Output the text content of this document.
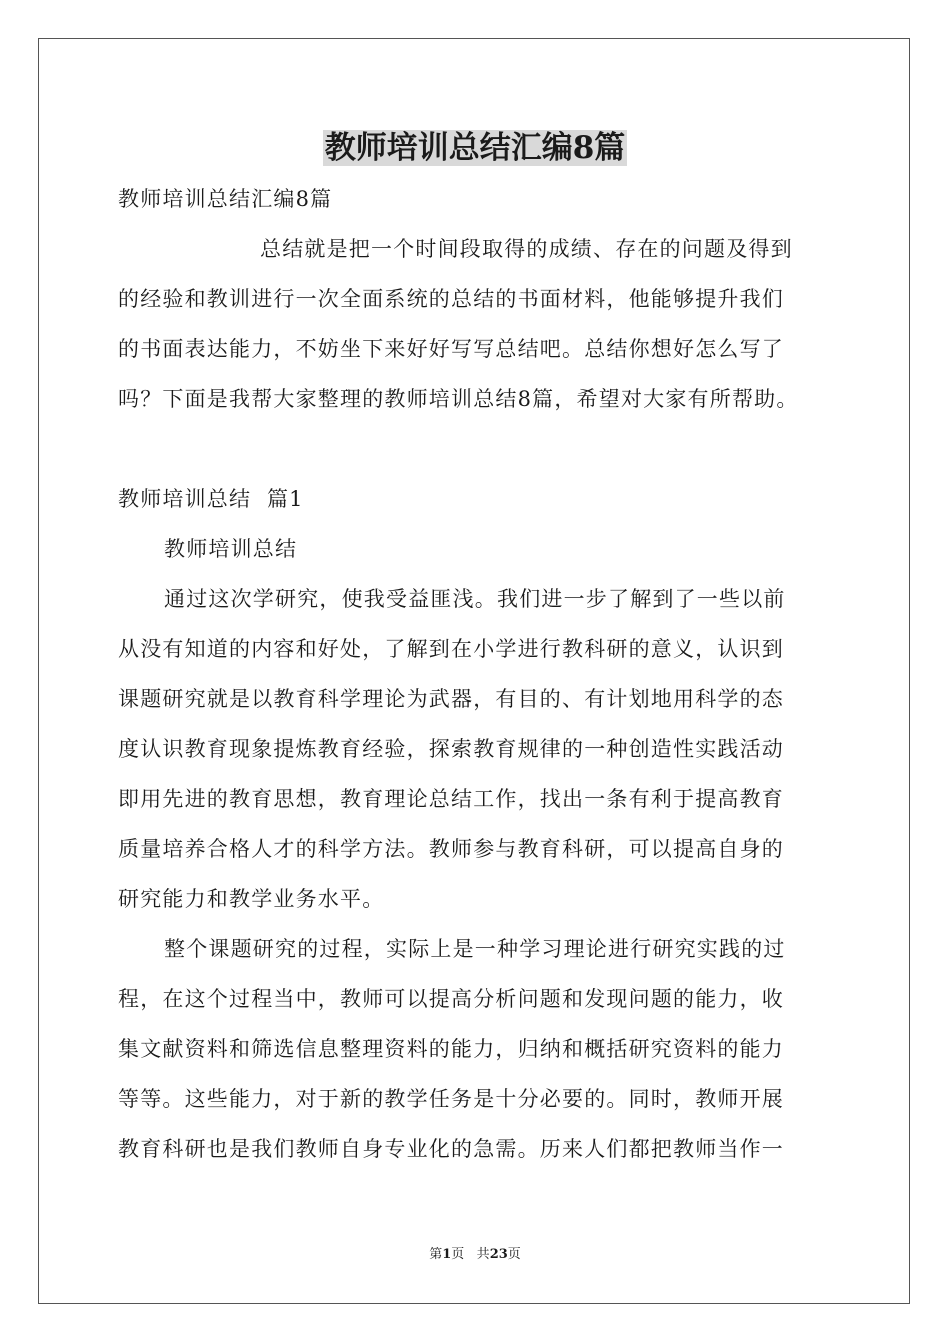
教师培训总结汇编8篇
教师培训总结汇编8篇
总结就是把一个时间段取得的成绩、存在的问题及得到
的经验和教训进行一次全面系统的总结的书面材料，他能够提升我们
的书面表达能力，不妨坐下来好好写写总结吧。总结你想好怎么写了
吗？下面是我帮大家整理的教师培训总结8篇，希望对大家有所帮助。
教师培训总结  篇1
教师培训总结
通过这次学研究，使我受益匪浅。我们进一步了解到了一些以前
从没有知道的内容和好处，了解到在小学进行教科研的意义，认识到
课题研究就是以教育科学理论为武器，有目的、有计划地用科学的态
度认识教育现象提炼教育经验，探索教育规律的一种创造性实践活动
即用先进的教育思想，教育理论总结工作，找出一条有利于提高教育
质量培养合格人才的科学方法。教师参与教育科研，可以提高自身的
研究能力和教学业务水平。
整个课题研究的过程，实际上是一种学习理论进行研究实践的过
程，在这个过程当中，教师可以提高分析问题和发现问题的能力，收
集文献资料和筛选信息整理资料的能力，归纳和概括研究资料的能力
等等。这些能力，对于新的教学任务是十分必要的。同时，教师开展
教育科研也是我们教师自身专业化的急需。历来人们都把教师当作一
第1页 共23页
